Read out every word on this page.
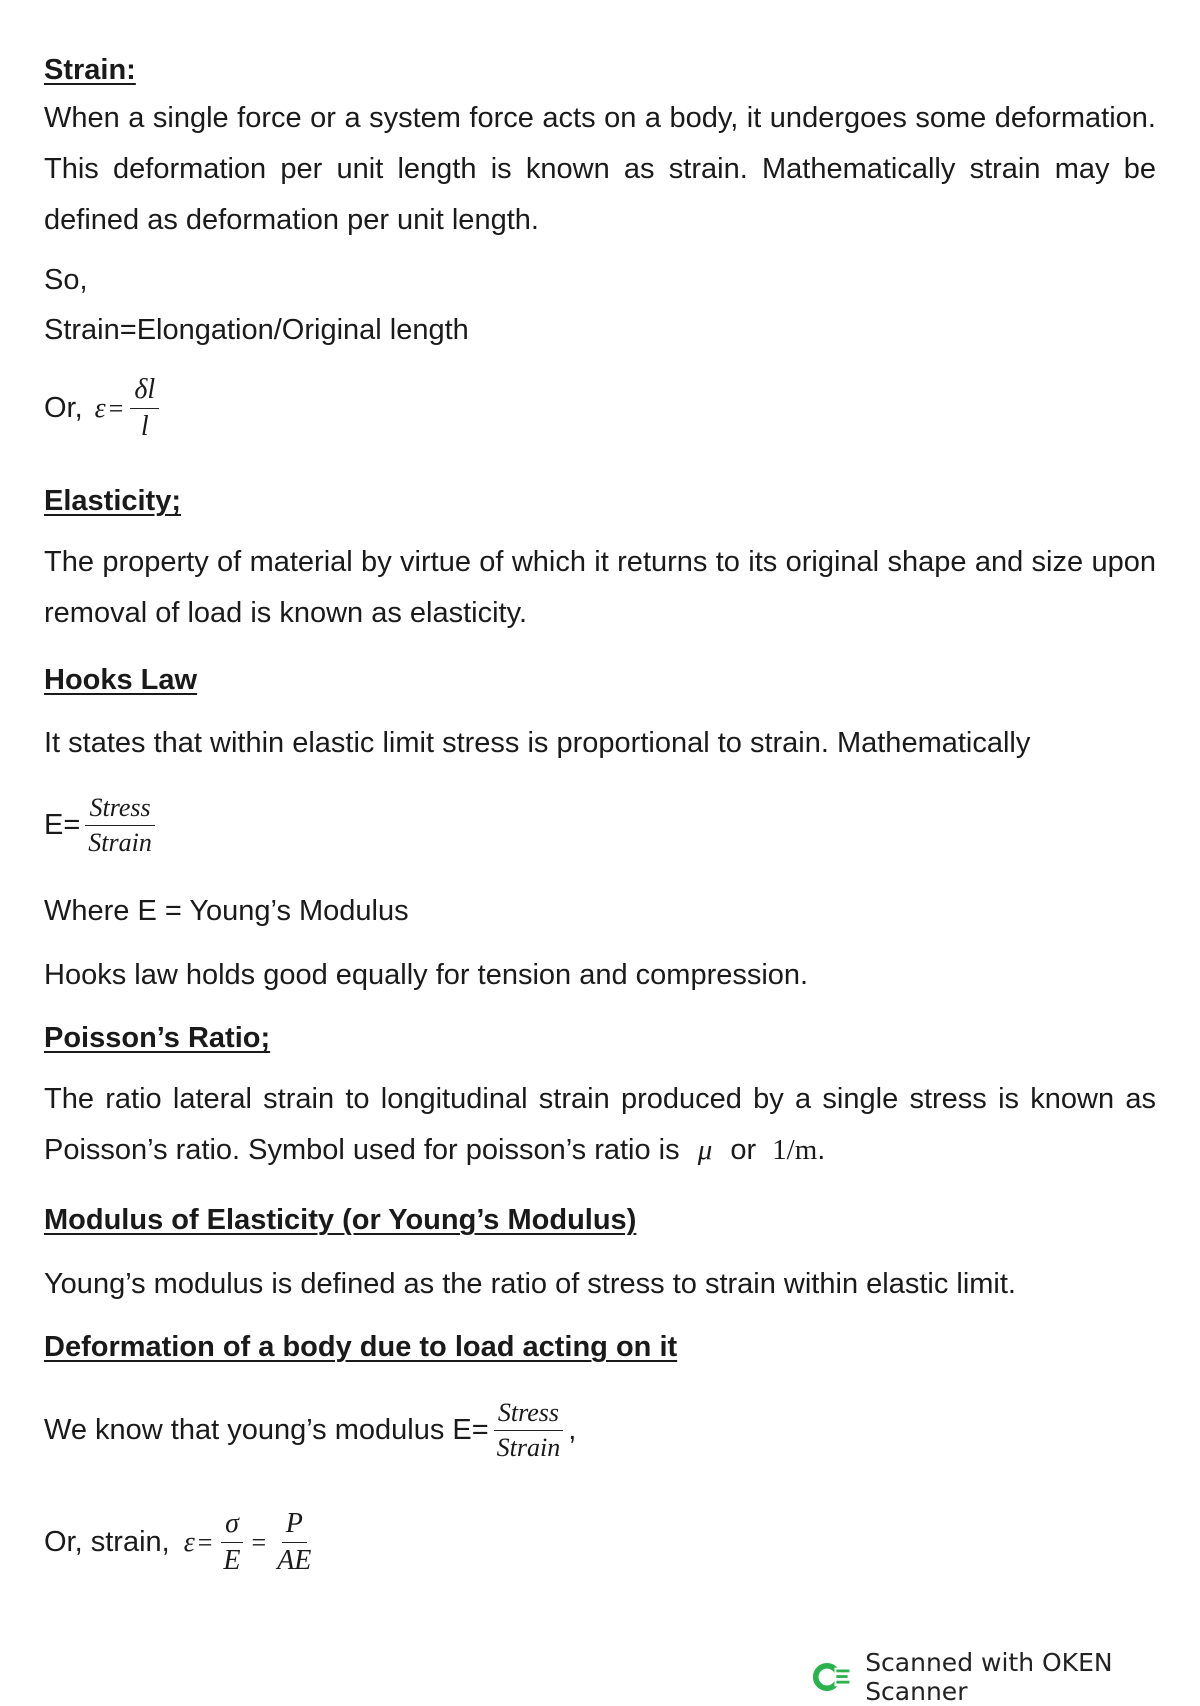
Strain:
When a single force or a system force acts on a body, it undergoes some deformation. This deformation per unit length is known as strain. Mathematically strain may be defined as deformation per unit length.
So,
Strain=Elongation/Original length
Or, $\varepsilon = \frac{\delta l}{l}$
Elasticity;
The property of material by virtue of which it returns to its original shape and size upon removal of load is known as elasticity.
Hooks Law
It states that within elastic limit stress is proportional to strain. Mathematically
$E= \frac{\text{Stress}}{\text{Strain}}$
Where E = Young’s Modulus
Hooks law holds good equally for tension and compression.
Poisson’s Ratio;
The ratio lateral strain to longitudinal strain produced by a single stress is known as Poisson’s ratio. Symbol used for poisson’s ratio is μ or 1/m.
Modulus of Elasticity (or Young’s Modulus)
Young’s modulus is defined as the ratio of stress to strain within elastic limit.
Deformation of a body due to load acting on it
We know that young’s modulus $E= \frac{\text{Stress}}{\text{Strain}}$ ,
Or, strain, $\varepsilon = \frac{\sigma}{E} = \frac{P}{AE}$
Scanned with OKEN Scanner
